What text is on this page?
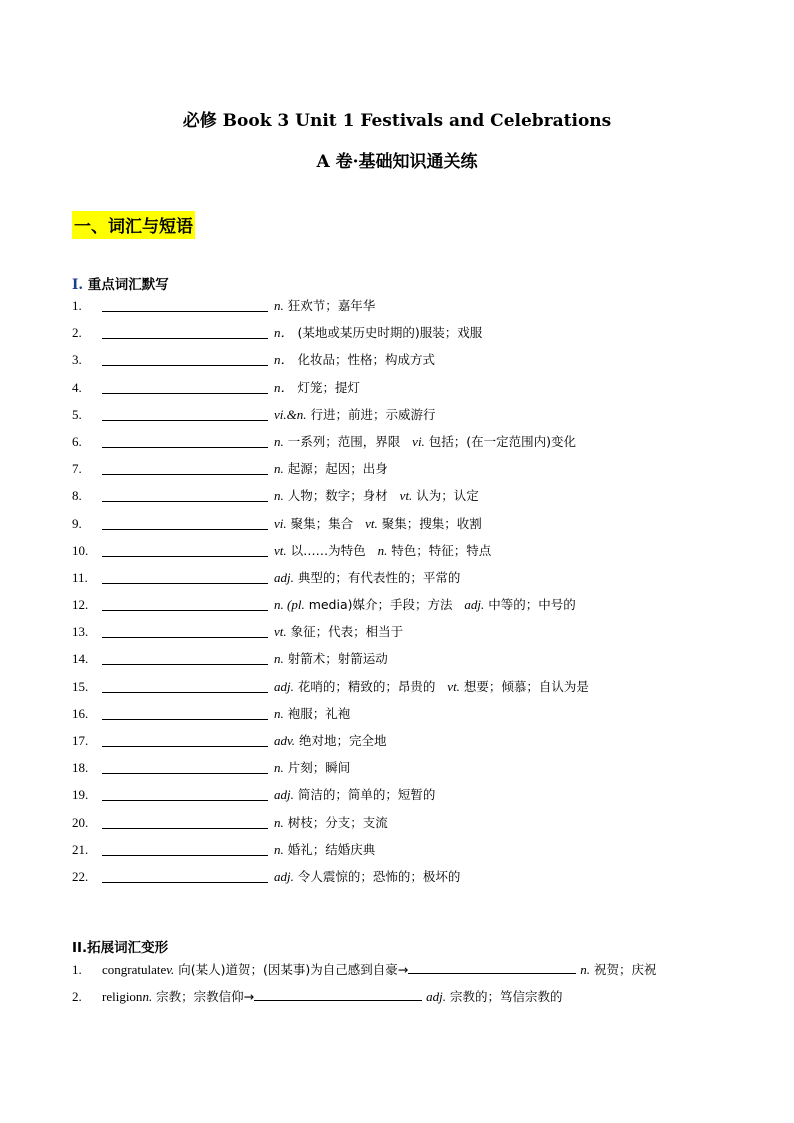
必修 Book 3 Unit 1 Festivals and Celebrations
A 卷·基础知识通关练
一、词汇与短语
I. 重点词汇默写
1.	n. 狂欢节；嘉年华
2.	n． (某地或某历史时期的)服装；戏服
3.	n． 化妆品；性格；构成方式
4.	n． 灯笼；提灯
5.	vi.&n. 行进；前进；示威游行
6.	n. 一系列；范围，界限 vi. 包括；(在一定范围内)变化
7.	n. 起源；起因；出身
8.	n. 人物；数字；身材 vt. 认为；认定
9.	vi. 聚集；集合 vt. 聚集；搜集；收割
10.	vt. 以……为特色 n. 特色；特征；特点
11.	adj. 典型的；有代表性的；平常的
12.	n. (pl. media)媒介；手段；方法 adj. 中等的；中号的
13.	vt. 象征；代表；相当于
14.	n. 射箭术；射箭运动
15.	adj. 花哨的；精致的；昂贵的 vt. 想要；倾慕；自认为是
16.	n. 袍服；礼袍
17.	adv. 绝对地；完全地
18.	n. 片刻；瞬间
19.	adj. 简洁的；简单的；短暂的
20.	n. 树枝；分支；支流
21.	n. 婚礼；结婚庆典
22.	adj. 令人震惊的；恐怖的；极坏的
II.拓展词汇变形
1.	congratulatev. 向(某人)道贺；(因某事)为自己感到自豪→	n. 祝贺；庆祝
2.	religionn. 宗教；宗教信仰→	adj. 宗教的；笃信宗教的
